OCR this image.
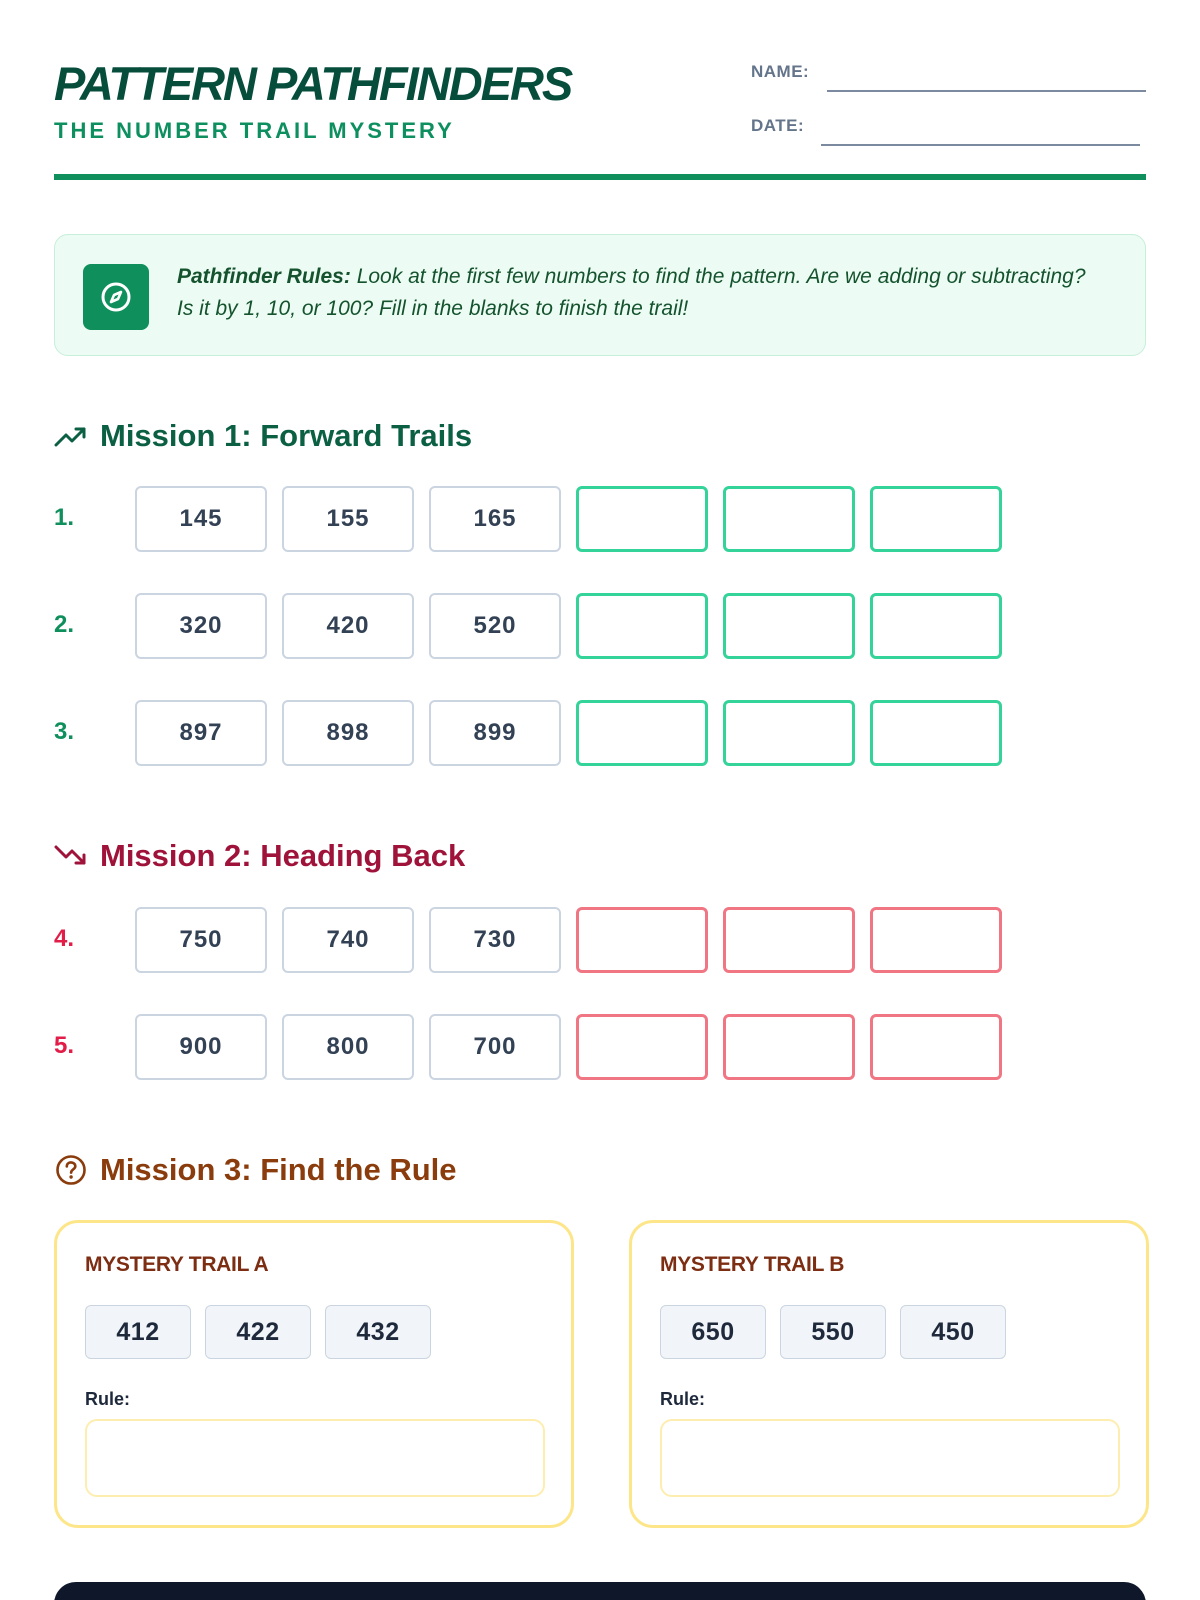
PATTERN PATHFINDERS
THE NUMBER TRAIL MYSTERY
NAME:
DATE:
Pathfinder Rules: Look at the first few numbers to find the pattern. Are we adding or subtracting? Is it by 1, 10, or 100? Fill in the blanks to finish the trail!
Mission 1: Forward Trails
1.	145	155	165
2.	320	420	520
3.	897	898	899
Mission 2: Heading Back
4.	750	740	730
5.	900	800	700
Mission 3: Find the Rule
MYSTERY TRAIL A
412	422	432
Rule:
MYSTERY TRAIL B
650	550	450
Rule:
